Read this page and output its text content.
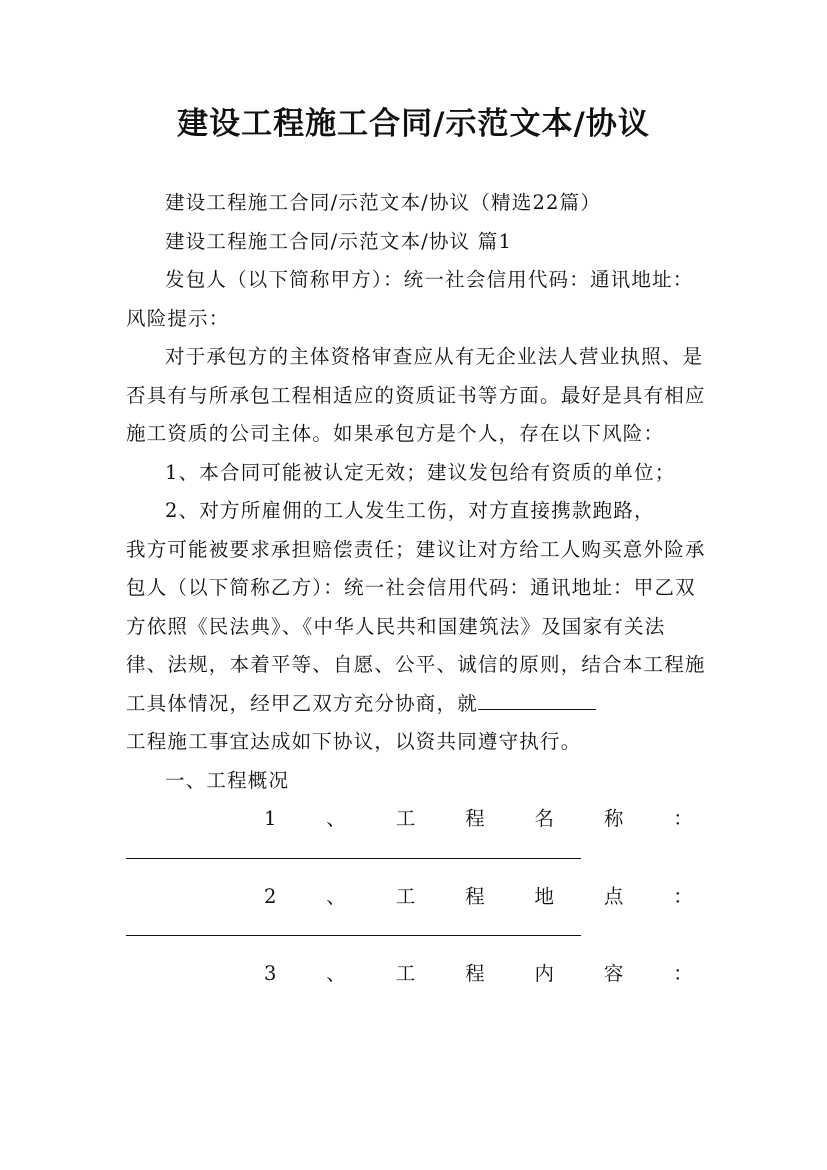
建设工程施工合同/示范文本/协议

建设工程施工合同/示范文本/协议（精选22篇）

建设工程施工合同/示范文本/协议 篇1

发包人（以下简称甲方）：统一社会信用代码：通讯地址：风险提示：

对于承包方的主体资格审查应从有无企业法人营业执照、是否具有与所承包工程相适应的资质证书等方面。最好是具有相应施工资质的公司主体。如果承包方是个人，存在以下风险：

1、本合同可能被认定无效；建议发包给有资质的单位；

2、对方所雇佣的工人发生工伤，对方直接携款跑路，

我方可能被要求承担赔偿责任；建议让对方给工人购买意外险承包人（以下简称乙方）：统一社会信用代码：通讯地址：甲乙双方依照《民法典》、《中华人民共和国建筑法》及国家有关法律、法规，本着平等、自愿、公平、诚信的原则，结合本工程施工具体情况，经甲乙双方充分协商，就

工程施工事宜达成如下协议，以资共同遵守执行。

一、工程概况

1 、 工 程 名 称 ：
2 、 工 程 地 点 ：
3 、 工 程 内 容 ：
